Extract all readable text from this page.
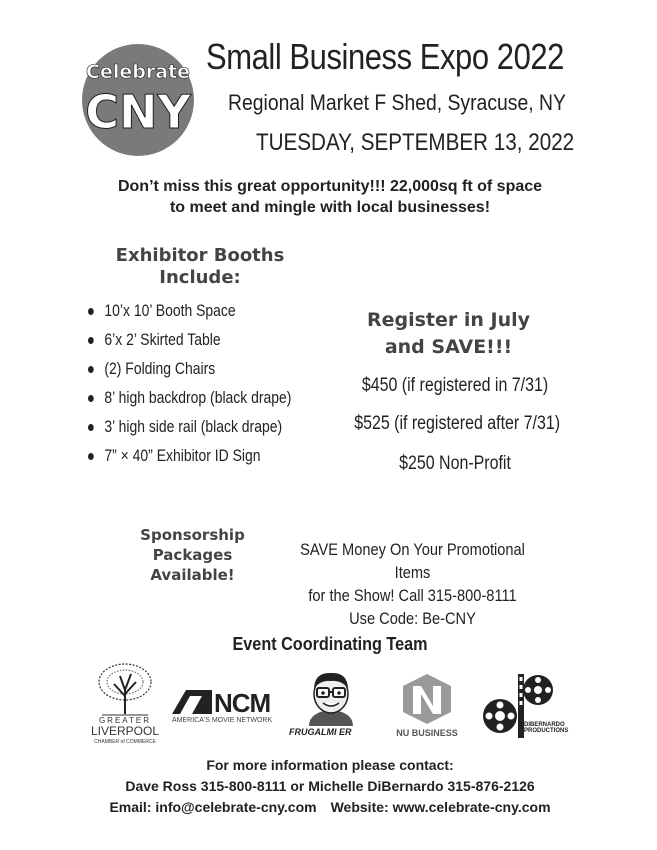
Celebrate
CNY
Small Business Expo 2022
Regional Market F Shed, Syracuse, NY
TUESDAY, SEPTEMBER 13, 2022
Don’t miss this great opportunity!!! 22,000sq ft of space
to meet and mingle with local businesses!
Exhibitor Booths
Include:
10’x 10’ Booth Space
6’x 2’ Skirted Table
(2) Folding Chairs
8’ high backdrop (black drape)
3’ high side rail (black drape)
7” × 40” Exhibitor ID Sign
Register in July
and SAVE!!!
$450 (if registered in 7/31)
$525 (if registered after 7/31)
$250 Non-Profit
Sponsorship
Packages
Available!
SAVE Money On Your Promotional Items
for the Show! Call 315-800-8111
Use Code: Be-CNY
Event Coordinating Team
GREATER
LIVERPOOL
CHAMBER of COMMERCE
NCM
AMERICA'S MOVIE NETWORK
FRUGALMI ER	NU BUSINESS
DIBERNARDO
PRODUCTIONS
For more information please contact:
Dave Ross 315-800-8111 or Michelle DiBernardo 315-876-2126
Email: info@celebrate-cny.com Website: www.celebrate-cny.com
